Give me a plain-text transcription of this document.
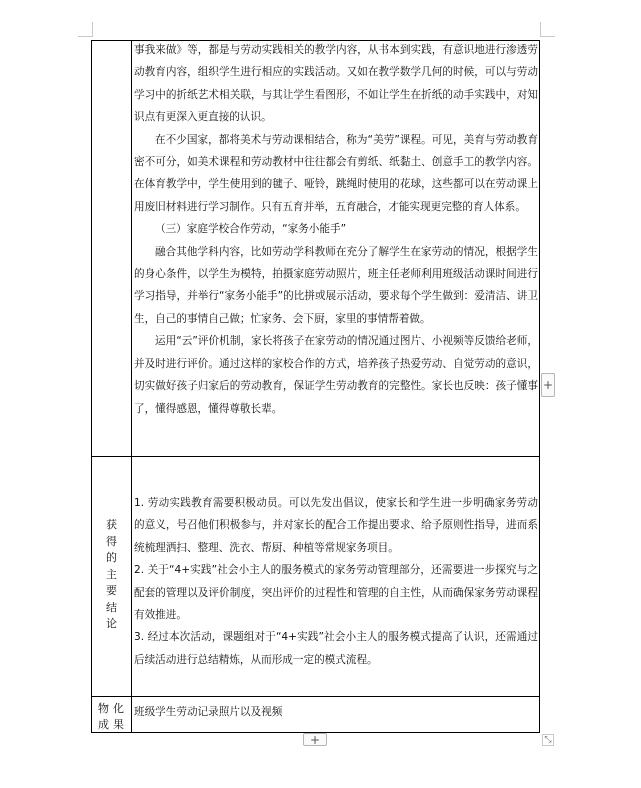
事我来做》等，都是与劳动实践相关的教学内容，从书本到实践，有意识地进行渗透劳动教育内容，组织学生进行相应的实践活动。又如在教学数学几何的时候，可以与劳动学习中的折纸艺术相关联，与其让学生看图形，不如让学生在折纸的动手实践中，对知识点有更深入更直接的认识。

在不少国家，都将美术与劳动课相结合，称为“美劳”课程。可见，美育与劳动教育密不可分，如美术课程和劳动教材中往往都会有剪纸、纸黏土、创意手工的教学内容。在体育教学中，学生使用到的毽子、哑铃，跳绳时使用的花球，这些都可以在劳动课上用废旧材料进行学习制作。只有五育并举，五育融合，才能实现更完整的育人体系。

（三）家庭学校合作劳动，“家务小能手”

融合其他学科内容，比如劳动学科教师在充分了解学生在家劳动的情况，根据学生的身心条件，以学生为模特，拍摄家庭劳动照片，班主任老师利用班级活动课时间进行学习指导，并举行“家务小能手”的比拼或展示活动，要求每个学生做到：爱清洁、讲卫生，自己的事情自己做；忙家务、会下厨，家里的事情帮着做。

运用“云”评价机制，家长将孩子在家劳动的情况通过图片、小视频等反馈给老师，并及时进行评价。通过这样的家校合作的方式，培养孩子热爱劳动、自觉劳动的意识，切实做好孩子归家后的劳动教育，保证学生劳动教育的完整性。家长也反映：孩子懂事了，懂得感恩，懂得尊敬长辈。

获
得
的
主
要
结
论

1. 劳动实践教育需要积极动员。可以先发出倡议，使家长和学生进一步明确家务劳动的意义，号召他们积极参与，并对家长的配合工作提出要求、给予原则性指导，进而系统梳理洒扫、整理、洗衣、帮厨、种植等常规家务项目。

2. 关于“4+实践”社会小主人的服务模式的家务劳动管理部分，还需要进一步探究与之配套的管理以及评价制度，突出评价的过程性和管理的自主性，从而确保家务劳动课程有效推进。

3. 经过本次活动，课题组对于“4+实践”社会小主人的服务模式提高了认识，还需通过后续活动进行总结精炼，从而形成一定的模式流程。

物化
成果

班级学生劳动记录照片以及视频

+
+	⤡
